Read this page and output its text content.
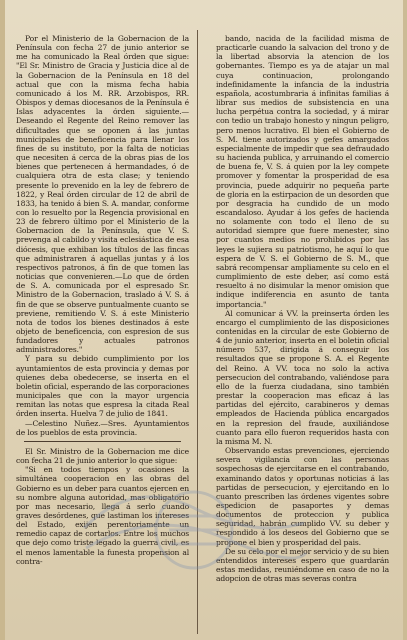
Por el Ministerio de la Gobernacion de la Península con fecha 27 de junio anterior se me ha comunicado la Real órden que sigue: "El Sr. Ministro de Gracia y Justicia dice al de la Gobernacion de la Península en 18 del actual que con la misma fecha habia comunicado á los M. RR. Arzobispos, RR. Obispos y demas diocesanos de la Península é Islas adyacentes la órden siguiente.—Deseando el Regente del Reino remover las dificultades que se oponen á las juntas municipales de beneficencia para llenar los fines de su instituto, por la falta de noticias que necesiten á cerca de la obras pias de los bienes que pertenecen á hermandades, ó de cualquiera otra de esta clase; y teniendo presente lo prevenido en la ley de febrero de 1822, y Real órden circular de 12 de abril de 1833, ha tenido á bien S. A. mandar, conforme con lo resuelto por la Regencia provisional en 23 de febrero último por el Ministerio de la Gobernacion de la Península, que V. S. prevenga al cabildo y visita eclesiástica de esa diócesis, que exhiban los títulos de las fincas que administraren á aquellas juntas y á los respectivos patronos, á fin de que tomen las noticias que convenieren.—Lo que de órden de S. A. comunicada por el espresado Sr. Ministro de la Gobernacion, traslado á V. S. á fin de que se observe puntualmente cuanto se previene, remitiendo V. S. á este Ministerio nota de todos los bienes destinados á este objeto de beneficencia, con espresion de sus fundadores y actuales patronos administradores."

Y para su debido cumplimiento por los ayuntamientos de esta provincia y demas por quienes deba obedecerse, se inserta en el boletin oficial, esperando de las corporaciones municipales que con la mayor urgencia remitan las notas que espresa la citada Real órden inserta. Huelva 7 de julio de 1841.
—Celestino Nuñez.—Sres. Ayuntamientos de los pueblos de esta provincia.

El Sr. Ministro de la Gobernacion me dice con fecha 21 de junio anterior lo que sigue:

"Si en todos tiempos y ocasiones la simultánea cooperacion en las obras del Gobierno es un deber para cuantos ejercen en su nombre alguna autoridad, mas obligatorio por mas necesario, llega á serlo cuando graves desórdenes, que lastiman los intereses del Estado, exijen perentoriamente un remedio capaz de cortarlos. Entre los muchos que dejo como triste legado la guerra civil, es el menos lamentable la funesta propension al contra-

bando, nacida de la facilidad misma de practicarle cuando la salvacion del trono y de la libertad absorvia la atencion de los gobernantes. Tiempo es ya de atajar un mal cuya continuacion, prolongando indefinidamente la infancia de la industria española, acostumbraria á infinitas familias á librar sus medios de subsistencia en una lucha perpétua contra la sociedad, y á mirar con tedio un trabajo honesto y ningun peligro, pero menos lucrativo. El bien el Gobierno de S. M. tiene autorizados y gefes amargados especialmente de impedir que sea defraudado su hacienda publica, y arruinando el comercio de buena fe, V. S. á quien por la ley compete promover y fomentar la prosperidad de esa provincia, puede adquirir no pequeña parte de gloria en la estirpacion de un desorden que por desgracia ha cundido de un modo escandaloso. Ayudar á los gefes de hacienda no solamente con todo el lleno de su autoridad siempre que fuere menester, sino por cuantos medios no prohibidos por las leyes le sujiera su patriotismo, he aquí lo que espera de V. S. el Gobierno de S. M., que sabrá recompensar ampliamente su celo en el cumplimiento de este deber, así como está resuelto á no disimular la menor omision que indique indiferencia en asunto de tanta importancia."

Al comunicar á VV. la preinserta órden les encargo el cumplimiento de las disposiciones contenidas en la circular de este Gobierno de 4 de junio anterior, inserta en el boletin oficial número 537, dirigida á conseguir los resultados que se propone S. A. el Regente del Reino. A VV. toca no solo la activa persecucion del contrabando, valiéndose para ello de la fuerza ciudadana, sino también prestar la cooperacion mas eficaz á las partidas del ejército, carabineros y demas empleados de Hacienda pública encargados en la represion del fraude, auxiliándose cuanto para ello fueron requeridos hasta con la misma M. N.

Observando estas prevenciones, ejerciendo severa vigilancia con las personas sospechosas de ejercitarse en el contrabando, examinando datos y oportunas noticias á las partidas de persecucion, y ejercitando en lo cuanto prescriben las órdenes vigentes sobre espedicion de pasaportes y demas documentos de proteccion y publica seguridad, habrán cumplido VV. su deber y respondido á los deseos del Gobierno que se propone el bien y prosperidad del pais.

De su celo por el mejor servicio y de su bien entendidos intereses espero que guardarán estas medidas, reuniéndome en caso de no la adopcion de otras mas severas contra
